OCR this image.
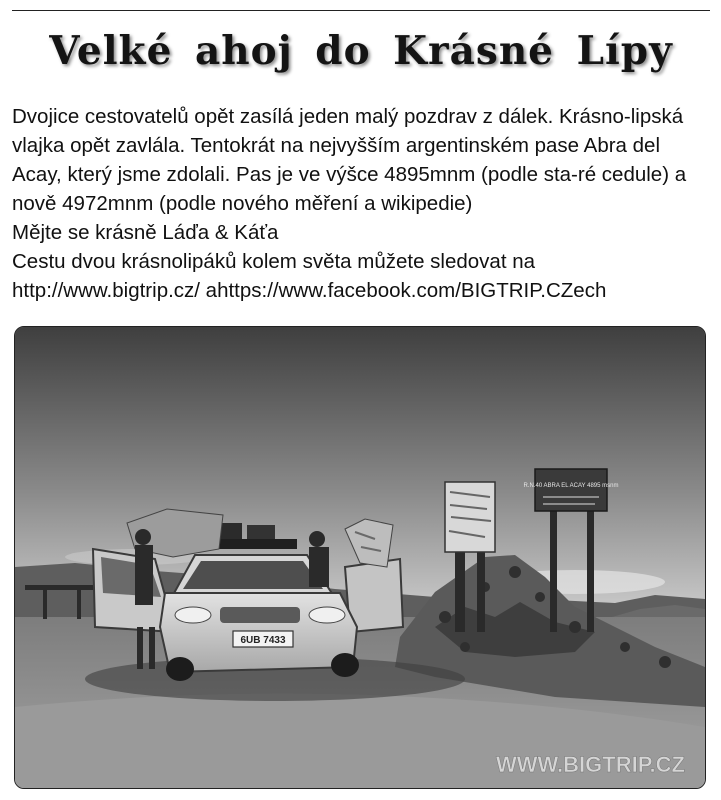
Velké ahoj do Krásné Lípy

Dvojice cestovatelů opět zasílá jeden malý pozdrav z dálek. Krásno-lipská vlajka opět zavlála. Tentokrát na nejvyšším argentinském pase Abra del Acay, který jsme zdolali. Pas je ve výšce 4895mnm (podle sta-ré cedule) a nově 4972mnm (podle nového měření a wikipedie)

Mějte se krásně Láďa & Káťa

Cestu dvou krásnolipáků kolem světa můžete sledovat na http://www.bigtrip.cz/ ahttps://www.facebook.com/BIGTRIP.CZech

R.N.40 ABRA EL ACAY 4895 msnm
6UB 7433
WWW.BIGTRIP.CZ
